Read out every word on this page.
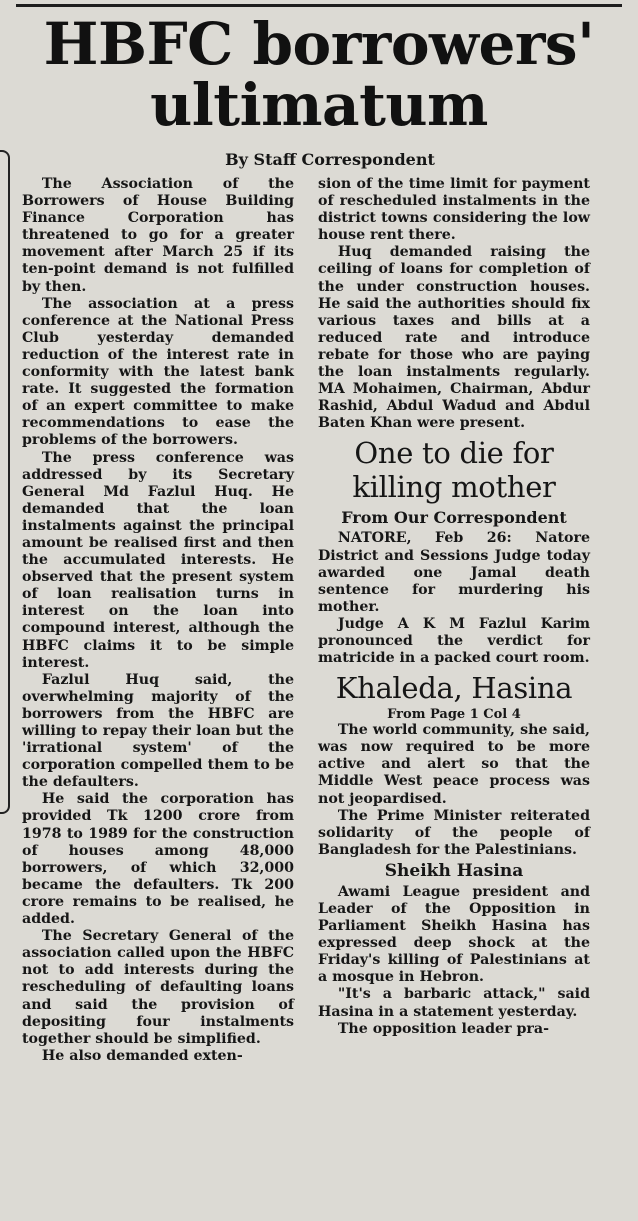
HBFC borrowers'
ultimatum
By Staff Correspondent

The Association of the Borrowers of House Building Finance Corporation has threatened to go for a greater movement after March 25 if its ten-point demand is not fulfilled by then.

The association at a press conference at the National Press Club yesterday demanded reduction of the interest rate in conformity with the latest bank rate. It suggested the formation of an expert committee to make recommendations to ease the problems of the borrowers.

The press conference was addressed by its Secretary General Md Fazlul Huq. He demanded that the loan instalments against the principal amount be realised first and then the accumulated interests. He observed that the present system of loan realisation turns in interest on the loan into compound interest, although the HBFC claims it to be simple interest.

Fazlul Huq said, the overwhelming majority of the borrowers from the HBFC are willing to repay their loan but the 'irrational system' of the corporation compelled them to be the defaulters.

He said the corporation has provided Tk 1200 crore from 1978 to 1989 for the construction of houses among 48,000 borrowers, of which 32,000 became the defaulters. Tk 200 crore remains to be realised, he added.

The Secretary General of the association called upon the HBFC not to add interests during the rescheduling of defaulting loans and said the provision of depositing four instalments together should be simplified.

He also demanded exten-

sion of the time limit for payment of rescheduled instalments in the district towns considering the low house rent there.

Huq demanded raising the ceiling of loans for completion of the under construction houses. He said the authorities should fix various taxes and bills at a reduced rate and introduce rebate for those who are paying the loan instalments regularly. MA Mohaimen, Chairman, Abdur Rashid, Abdul Wadud and Abdul Baten Khan were present.

One to die for killing mother
From Our Correspondent

NATORE, Feb 26: Natore District and Sessions Judge today awarded one Jamal death sentence for murdering his mother.

Judge A K M Fazlul Karim pronounced the verdict for matricide in a packed court room.

Khaleda, Hasina
From Page 1 Col 4

The world community, she said, was now required to be more active and alert so that the Middle West peace process was not jeopardised.

The Prime Minister reiterated solidarity of the people of Bangladesh for the Palestinians.

Sheikh Hasina

Awami League president and Leader of the Opposition in Parliament Sheikh Hasina has expressed deep shock at the Friday's killing of Palestinians at a mosque in Hebron.

"It's a barbaric attack," said Hasina in a statement yesterday.

The opposition leader pra-
